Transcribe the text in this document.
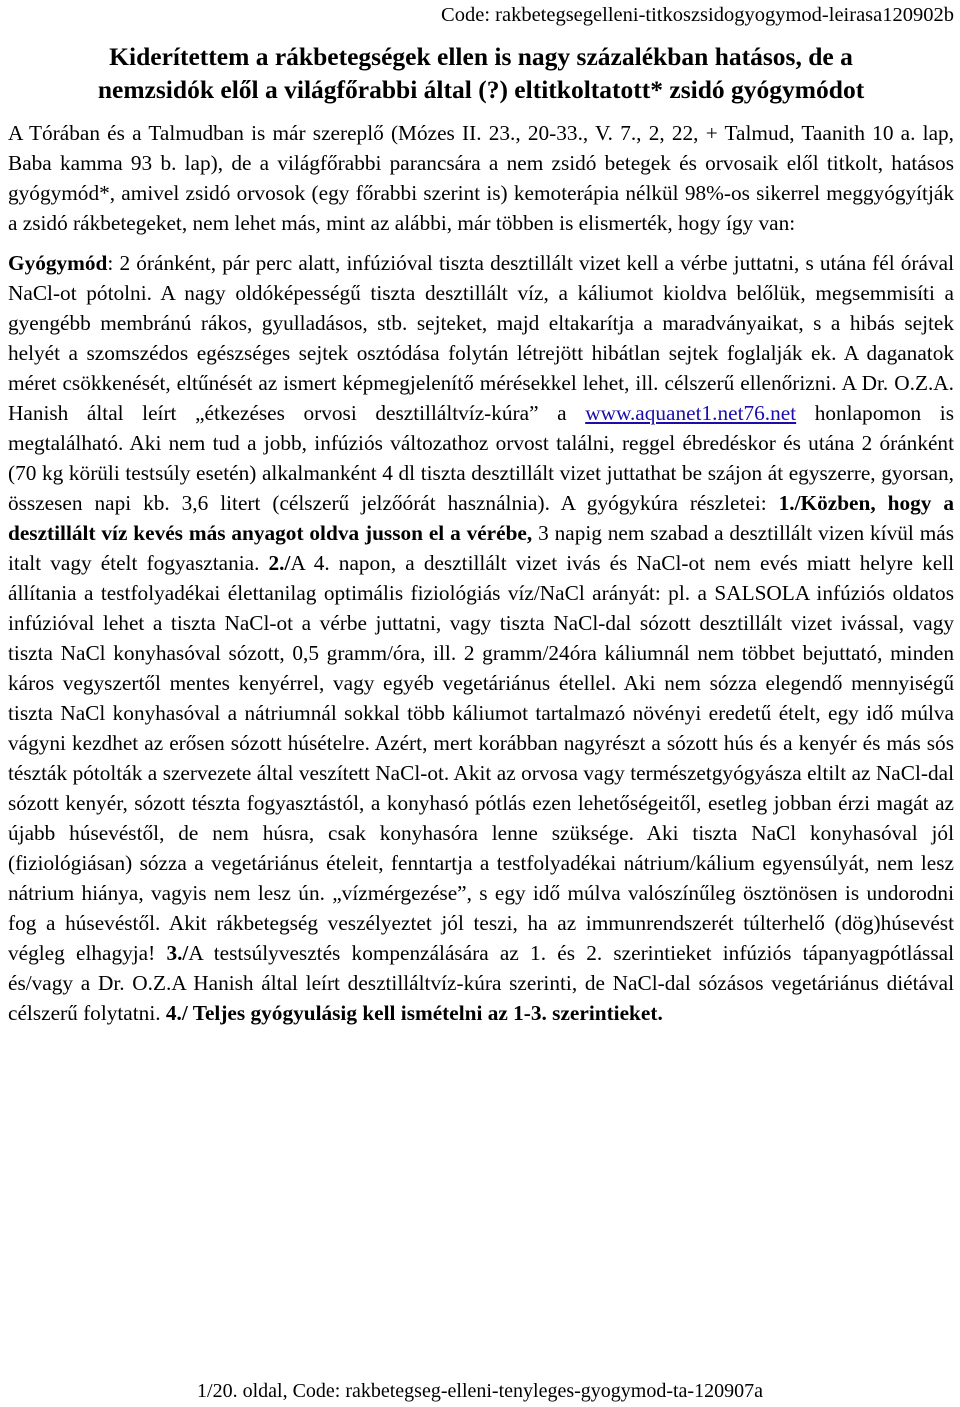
Code: rakbetegsegelleni-titkoszsidogyogymod-leirasa120902b

Kiderítettem a rákbetegségek ellen is nagy százalékban hatásos, de a
nemzsidók elől a világfőrabbi által (?) eltitkoltatott* zsidó gyógymódot

A Tórában és a Talmudban is már szereplő (Mózes II. 23., 20-33., V. 7., 2, 22, + Talmud, Taanith 10 a. lap, Baba kamma 93 b. lap), de a világfőrabbi parancsára a nem zsidó betegek és orvosaik elől titkolt, hatásos gyógymód*, amivel zsidó orvosok (egy főrabbi szerint is) kemoterápia nélkül 98%-os sikerrel meggyógyítják a zsidó rákbetegeket, nem lehet más, mint az alábbi, már többen is elismerték, hogy így van:

Gyógymód: 2 óránként, pár perc alatt, infúzióval tiszta desztillált vizet kell a vérbe juttatni, s utána fél órával NaCl-ot pótolni. A nagy oldóképességű tiszta desztillált víz, a káliumot kioldva belőlük, megsemmisíti a gyengébb membránú rákos, gyulladásos, stb. sejteket, majd eltakarítja a maradványaikat, s a hibás sejtek helyét a szomszédos egészséges sejtek osztódása folytán létrejött hibátlan sejtek foglalják ek. A daganatok méret csökkenését, eltűnését az ismert képmegjelenítő mérésekkel lehet, ill. célszerű ellenőrizni. A Dr. O.Z.A. Hanish által leírt „étkezéses orvosi desztilláltvíz-kúra” a www.aquanet1.net76.net honlapomon is megtalálható. Aki nem tud a jobb, infúziós változathoz orvost találni, reggel ébredéskor és utána 2 óránként (70 kg körüli testsúly esetén) alkalmanként 4 dl tiszta desztillált vizet juttathat be szájon át egyszerre, gyorsan, összesen napi kb. 3,6 litert (célszerű jelzőórát használnia). A gyógykúra részletei: 1./Közben, hogy a desztillált víz kevés más anyagot oldva jusson el a vérébe, 3 napig nem szabad a desztillált vizen kívül más italt vagy ételt fogyasztania. 2./A 4. napon, a desztillált vizet ivás és NaCl-ot nem evés miatt helyre kell állítania a testfolyadékai élettanilag optimális fiziológiás víz/NaCl arányát: pl. a SALSOLA infúziós oldatos infúzióval lehet a tiszta NaCl-ot a vérbe juttatni, vagy tiszta NaCl-dal sózott desztillált vizet ivással, vagy tiszta NaCl konyhasóval sózott, 0,5 gramm/óra, ill. 2 gramm/24óra káliumnál nem többet bejuttató, minden káros vegyszertől mentes kenyérrel, vagy egyéb vegetáriánus étellel. Aki nem sózza elegendő mennyiségű tiszta NaCl konyhasóval a nátriumnál sokkal több káliumot tartalmazó növényi eredetű ételt, egy idő múlva vágyni kezdhet az erősen sózott húsételre. Azért, mert korábban nagyrészt a sózott hús és a kenyér és más sós tészták pótolták a szervezete által veszített NaCl-ot. Akit az orvosa vagy természetgyógyásza eltilt az NaCl-dal sózott kenyér, sózott tészta fogyasztástól, a konyhasó pótlás ezen lehetőségeitől, esetleg jobban érzi magát az újabb húsevéstől, de nem húsra, csak konyhasóra lenne szüksége. Aki tiszta NaCl konyhasóval jól (fiziológiásan) sózza a vegetáriánus ételeit, fenntartja a testfolyadékai nátrium/kálium egyensúlyát, nem lesz nátrium hiánya, vagyis nem lesz ún. „vízmérgezése”, s egy idő múlva valószínűleg ösztönösen is undorodni fog a húsevéstől. Akit rákbetegség veszélyeztet jól teszi, ha az immunrendszerét túlterhelő (dög)húsevést végleg elhagyja! 3./A testsúlyvesztés kompenzálására az 1. és 2. szerintieket infúziós tápanyagpótlással és/vagy a Dr. O.Z.A Hanish által leírt desztilláltvíz-kúra szerinti, de NaCl-dal sózásos vegetáriánus diétával célszerű folytatni. 4./ Teljes gyógyulásig kell ismételni az 1-3. szerintieket.

1/20. oldal, Code: rakbetegseg-elleni-tenyleges-gyogymod-ta-120907a
